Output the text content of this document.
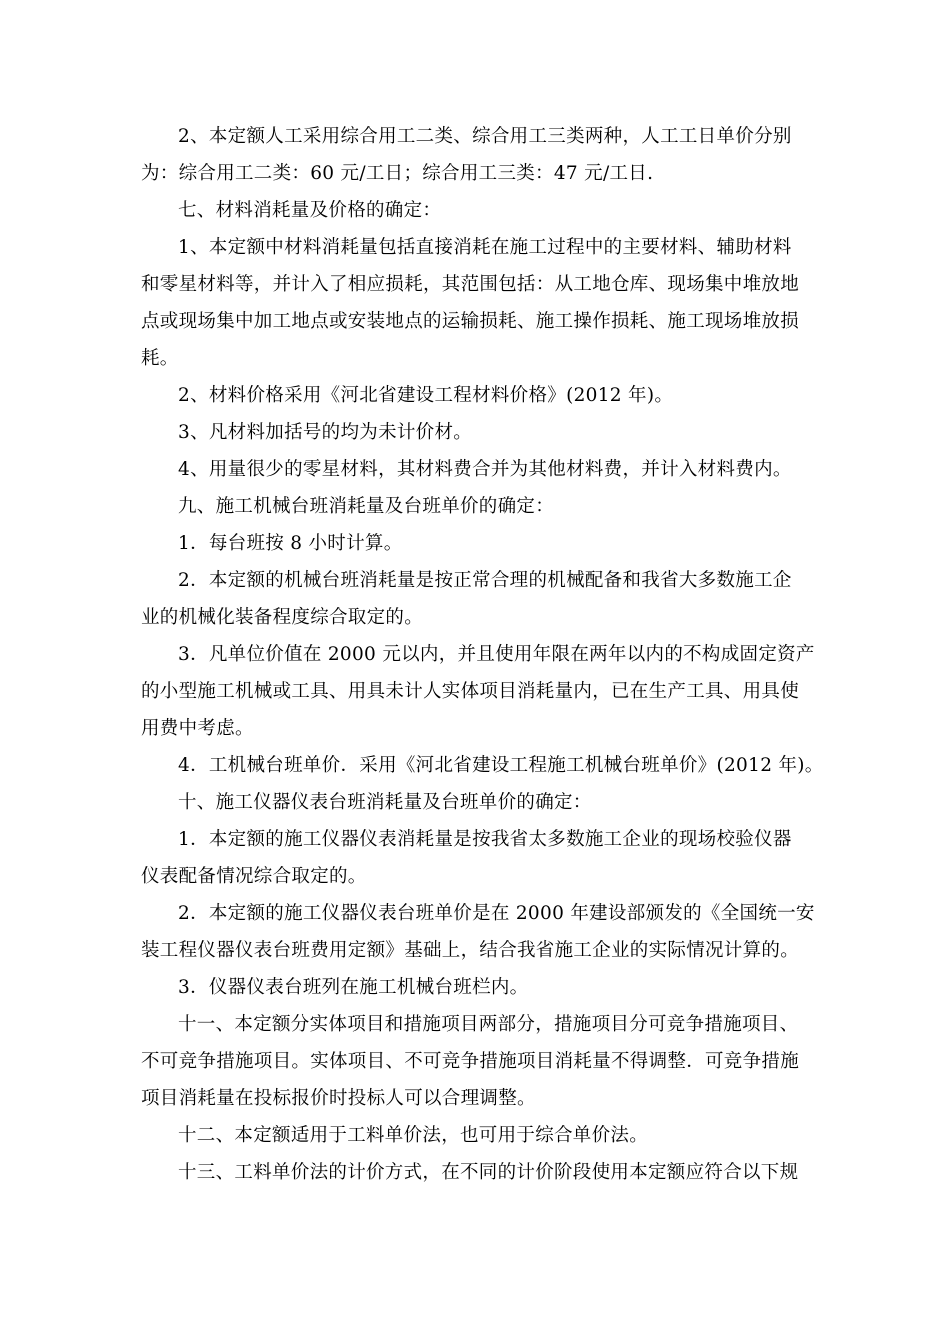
2、本定额人工采用综合用工二类、综合用工三类两种，人工工日单价分别
为：综合用工二类：60 元/工日；综合用工三类：47 元/工日.
七、材料消耗量及价格的确定：
1、本定额中材料消耗量包括直接消耗在施工过程中的主要材料、辅助材料
和零星材料等，并计入了相应损耗，其范围包括：从工地仓库、现场集中堆放地
点或现场集中加工地点或安装地点的运输损耗、施工操作损耗、施工现场堆放损
耗。
2、材料价格采用《河北省建设工程材料价格》(2012 年)。
3、凡材料加括号的均为未计价材。
4、用量很少的零星材料，其材料费合并为其他材料费，并计入材料费内。
九、施工机械台班消耗量及台班单价的确定：
1．每台班按 8 小时计算。
2．本定额的机械台班消耗量是按正常合理的机械配备和我省大多数施工企
业的机械化装备程度综合取定的。
3．凡单位价值在 2000 元以内，并且使用年限在两年以内的不构成固定资产
的小型施工机械或工具、用具未计人实体项目消耗量内，已在生产工具、用具使
用费中考虑。
4．工机械台班单价．采用《河北省建设工程施工机械台班单价》(2012 年)。
十、施工仪器仪表台班消耗量及台班单价的确定：
1．本定额的施工仪器仪表消耗量是按我省太多数施工企业的现场校验仪器
仪表配备情况综合取定的。
2．本定额的施工仪器仪表台班单价是在 2000 年建设部颁发的《全国统一安
装工程仪器仪表台班费用定额》基础上，结合我省施工企业的实际情况计算的。
3．仪器仪表台班列在施工机械台班栏内。
十一、本定额分实体项目和措施项目两部分，措施项目分可竞争措施项目、
不可竞争措施项目。实体项目、不可竞争措施项目消耗量不得调整．可竞争措施
项目消耗量在投标报价时投标人可以合理调整。
十二、本定额适用于工料单价法，也可用于综合单价法。
十三、工料单价法的计价方式，在不同的计价阶段使用本定额应符合以下规
